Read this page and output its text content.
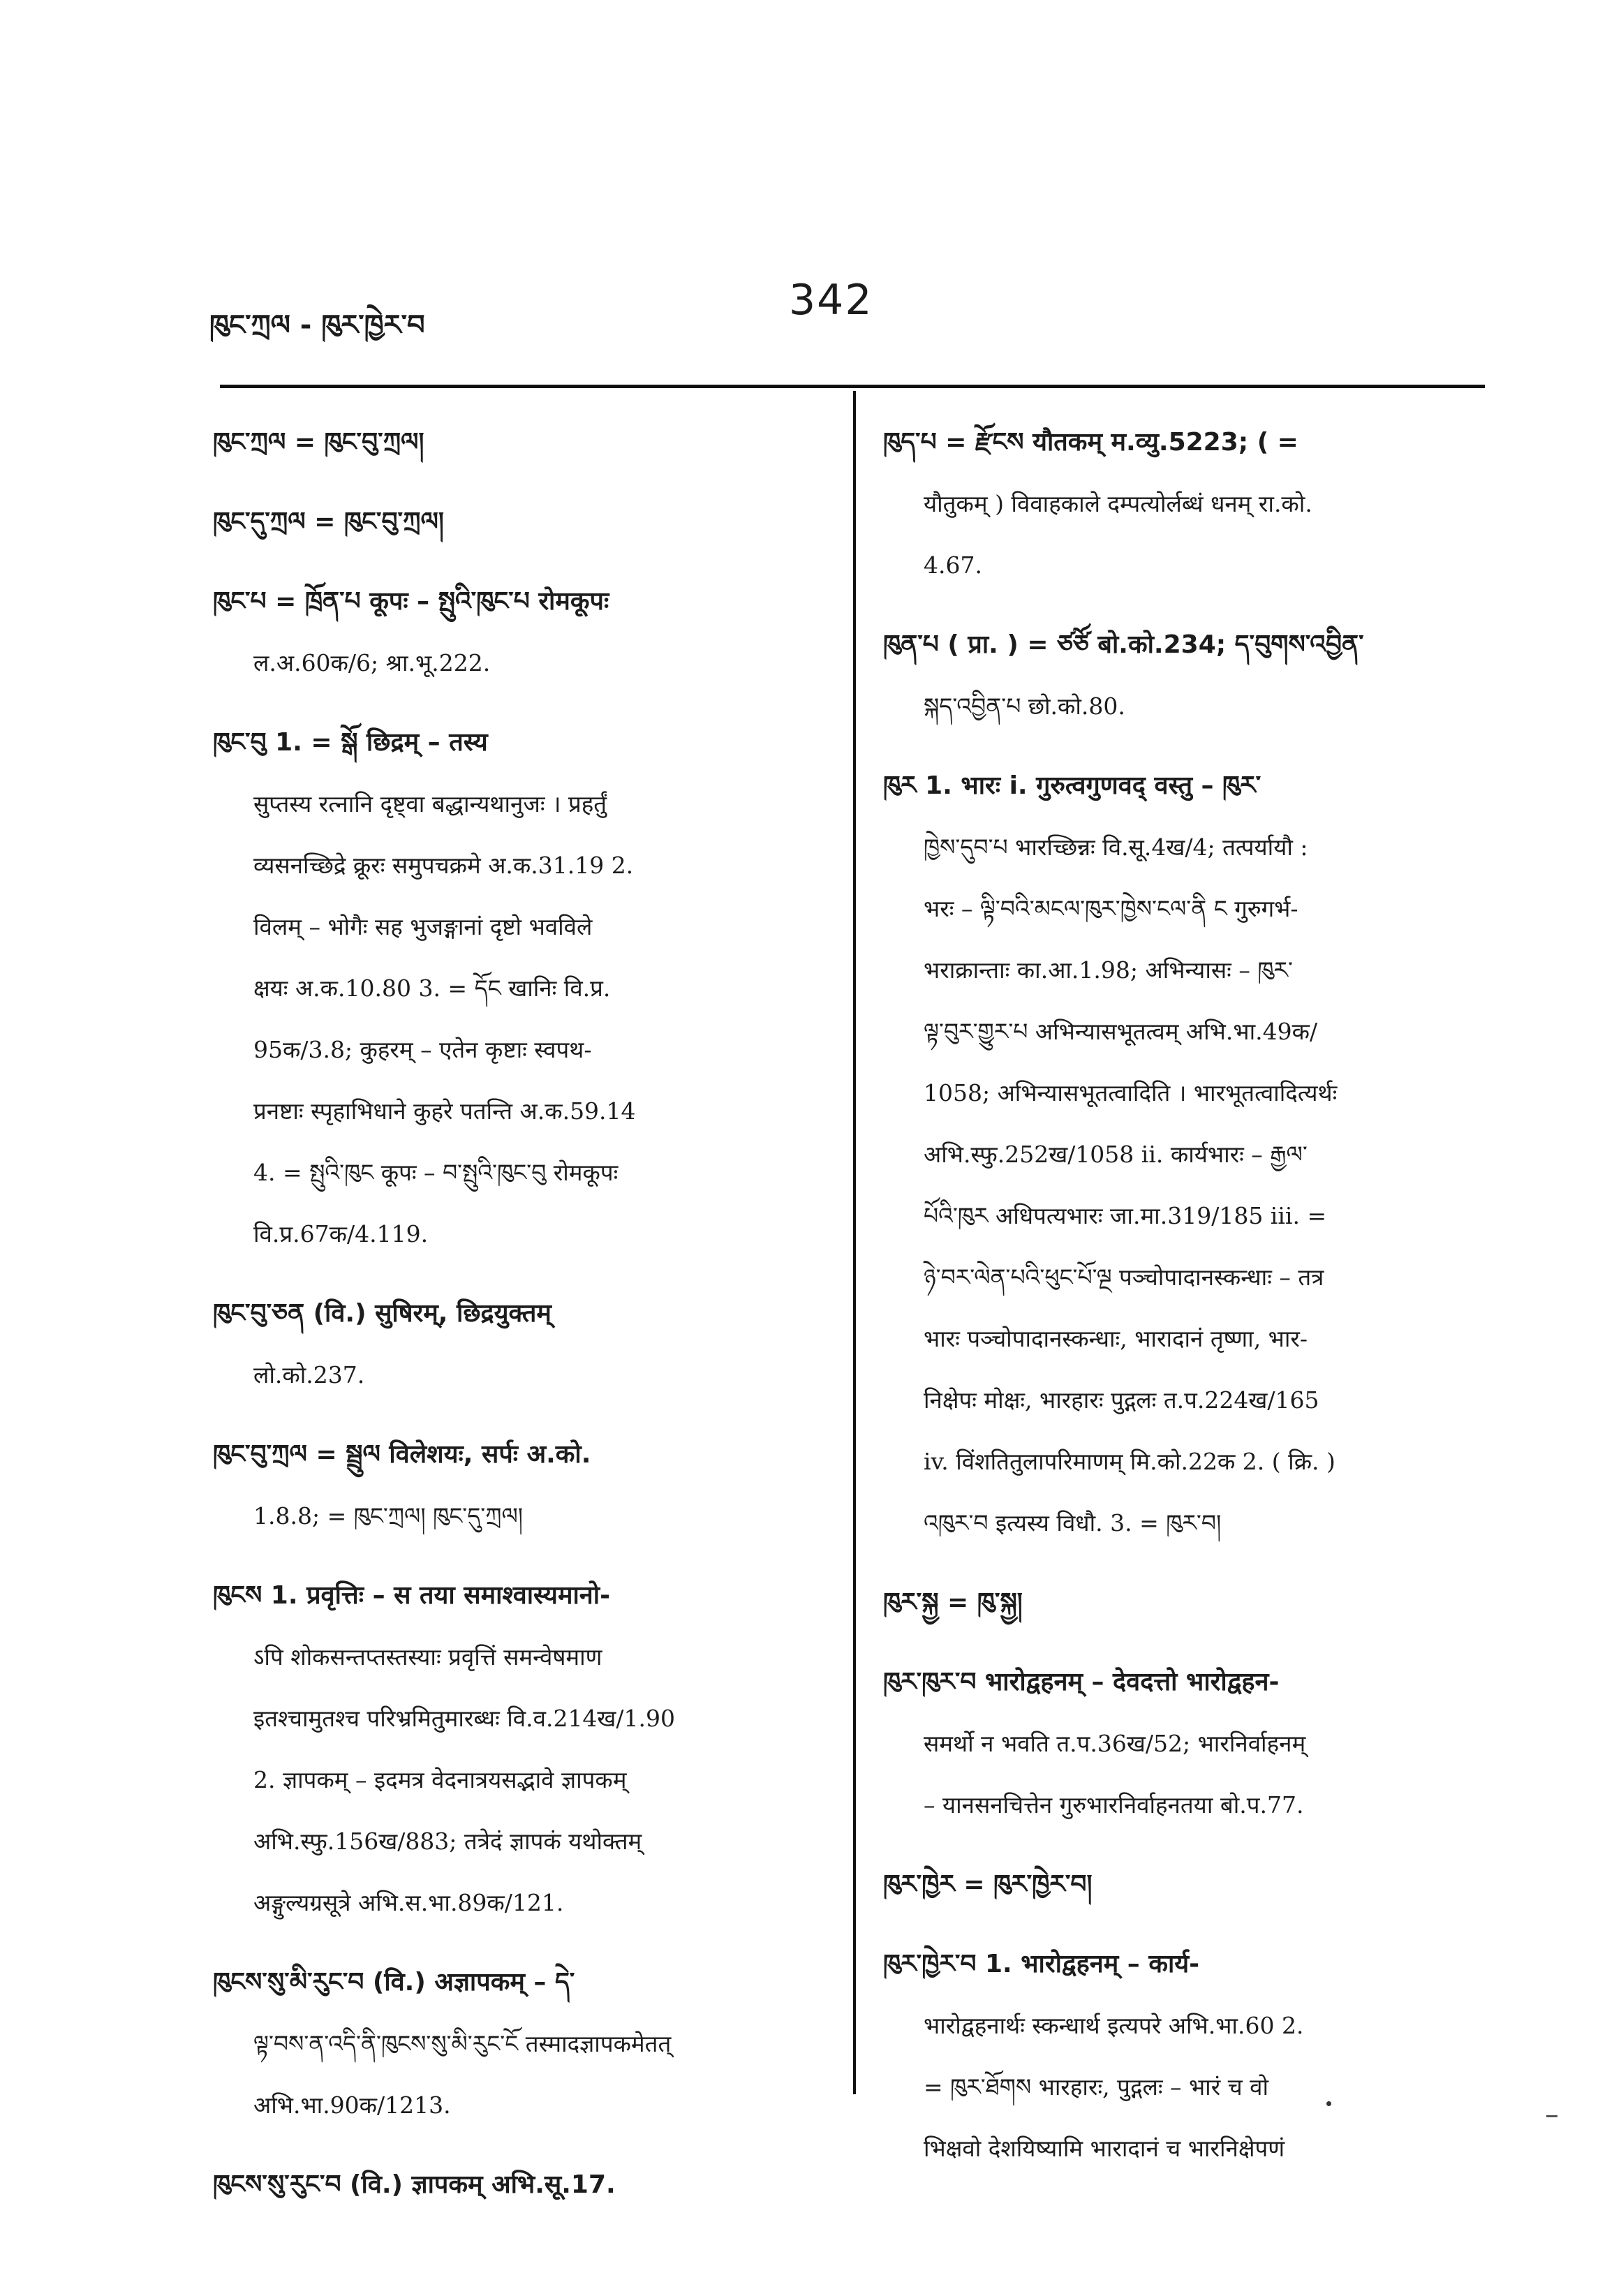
ཁུང་ཀྲལ - ཁུར་ཁྱེར་བ
342
ཁུང་ཀྲལ = ཁུང་བུ་ཀྲལ།
ཁུང་དུ་ཀྲལ = ཁུང་བུ་ཀྲལ།
ཁུང་པ = ཁྲོན་པ कूपः – སྤུའི་ཁུང་པ रोमकूपः
ल.अ.60क/6; श्रा.भू.222.
ཁུང་བུ 1. = སྒོ छिद्रम् – तस्य
सुप्तस्य रत्नानि दृष्ट्वा बद्धान्यथानुजः । प्रहर्तुं
व्यसनच्छिद्रे क्रूरः समुपचक्रमे अ.क.31.19 2.
विलम् – भोगैः सह भुजङ्गानां दृष्टो भवविले
क्षयः अ.क.10.80 3. = དོང खानिः वि.प्र.
95क/3.8; कुहरम् – एतेन कृष्टाः स्वपथ-
प्रनष्टाः स्पृहाभिधाने कुहरे पतन्ति अ.क.59.14
4. = སྤུའི་ཁུང कूपः – བ་སྤུའི་ཁུང་བུ रोमकूपः
वि.प्र.67क/4.119.
ཁུང་བུ་ཅན (वि.) सुषिरम्, छिद्रयुक्तम्
लो.को.237.
ཁུང་བུ་ཀྲལ = སྦྲུལ विलेशयः, सर्पः अ.को.
1.8.8; = ཁུང་ཀྲལ། ཁུང་དུ་ཀྲལ།
ཁུངས 1. प्रवृत्तिः – स तया समाश्वास्यमानो-
ऽपि शोकसन्तप्तस्तस्याः प्रवृत्तिं समन्वेषमाण
इतश्चामुतश्च परिभ्रमितुमारब्धः वि.व.214ख/1.90
2. ज्ञापकम् – इदमत्र वेदनात्रयसद्भावे ज्ञापकम्
अभि.स्फु.156ख/883; तत्रेदं ज्ञापकं यथोक्तम्
अङ्गुल्यग्रसूत्रे अभि.स.भा.89क/121.
ཁུངས་སུ་མི་རུང་བ (वि.) अज्ञापकम् – དེ་
ལྟ་བས་ན་འདི་ནི་ཁུངས་སུ་མི་རུང་ངོ तस्मादज्ञापकमेतत्
अभि.भा.90क/1213.
ཁུངས་སུ་རུང་བ (वि.) ज्ञापकम् अभि.सू.17.
ཁུད་པ = རྫོངས यौतकम् म.व्यु.5223; ( =
यौतुकम् ) विवाहकाले दम्पत्योर्लब्धं धनम् रा.को.
4.67.
ཁུན་པ ( प्रा. ) = ཙཙོ बो.को.234; ད་བུགས་འབྱིན་
སྐད་འབྱིན་པ छो.को.80.
ཁུར 1. भारः i. गुरुत्वगुणवद् वस्तु – ཁུར་
ཁྱེས་དུབ་པ भारच्छिन्नः वि.सू.4ख/4; तत्पर्यायौ :
भरः – ལྟི་བའི་མངལ་ཁུར་ཁྱེས་ངལ་ནི ང गुरुगर्भ-
भराक्रान्ताः का.आ.1.98; अभिन्यासः – ཁུར་
ལྟ་བུར་གྱུར་པ अभिन्यासभूतत्वम् अभि.भा.49क/
1058; अभिन्यासभूतत्वादिति । भारभूतत्वादित्यर्थः
अभि.स्फु.252ख/1058 ii. कार्यभारः – རྒྱལ་
པོའི་ཁུར अधिपत्यभारः जा.मा.319/185 iii. =
ཉེ་བར་ལེན་པའི་ཕུང་པོ་ལྔ पञ्चोपादानस्कन्धाः – तत्र
भारः पञ्चोपादानस्कन्धाः, भारादानं तृष्णा, भार-
निक्षेपः मोक्षः, भारहारः पुद्गलः त.प.224ख/165
iv. विंशतितुलापरिमाणम् मि.को.22क 2. ( क्रि. )
འཁུར་བ इत्यस्य विधौ. 3. = ཁུར་བ།
ཁུར་སྐྱ = ཁུ་སྐྱ།
ཁུར་ཁུར་བ भारोद्वहनम् – देवदत्तो भारोद्वहन-
समर्थो न भवति त.प.36ख/52; भारनिर्वाहनम्
– यानसनचित्तेन गुरुभारनिर्वाहनतया बो.प.77.
ཁུར་ཁྱེར = ཁུར་ཁྱེར་བ།
ཁུར་ཁྱེར་བ 1. भारोद्वहनम् – कार्य-
भारोद्वहनार्थः स्कन्धार्थ इत्यपरे अभि.भा.60 2.
= ཁུར་ཐོགས भारहारः, पुद्गलः – भारं च वो
भिक्षवो देशयिष्यामि भारादानं च भारनिक्षेपणं
